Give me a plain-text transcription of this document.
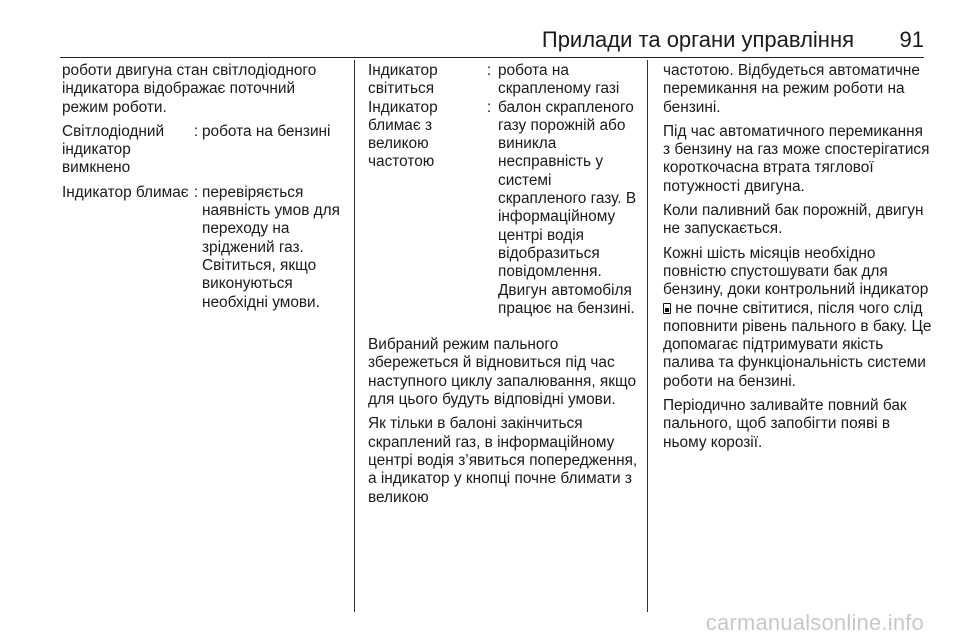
Прилади та органи управління 91

роботи двигуна стан світлодіодного індикатора відображає поточний режим роботи.

Світлодіодний індикатор вимкнено
: робота на бензині
Індикатор блимає : перевіряється наявність умов для переходу на зріджений газ. Світиться, якщо виконуються необхідні умови.
Індикатор світиться
: робота на скрапленому газі
Індикатор блимає з великою частотою
: балон скрапленого газу порожній або виникла несправність у системі скрапленого газу. В інформаційному центрі водія відобразиться повідомлення. Двигун автомобіля працює на бензині.

Вибраний режим пального збережеться й відновиться під час наступного циклу запалювання, якщо для цього будуть відповідні умови.

Як тільки в балоні закінчиться скраплений газ, в інформаційному центрі водія з’явиться попередження, а індикатор у кнопці почне блимати з великою

частотою. Відбудеться автоматичне перемикання на режим роботи на бензині.

Під час автоматичного перемикання з бензину на газ може спостерігатися короткочасна втрата тяглової потужності двигуна.

Коли паливний бак порожній, двигун не запускається.

Кожні шість місяців необхідно повністю спустошувати бак для бензину, доки контрольний індикатор  не почне світитися, після чого слід поповнити рівень пального в баку. Це допомагає підтримувати якість палива та функціональність системи роботи на бензині.

Періодично заливайте повний бак пального, щоб запобігти появі в ньому корозії.

carmanualsonline.info
